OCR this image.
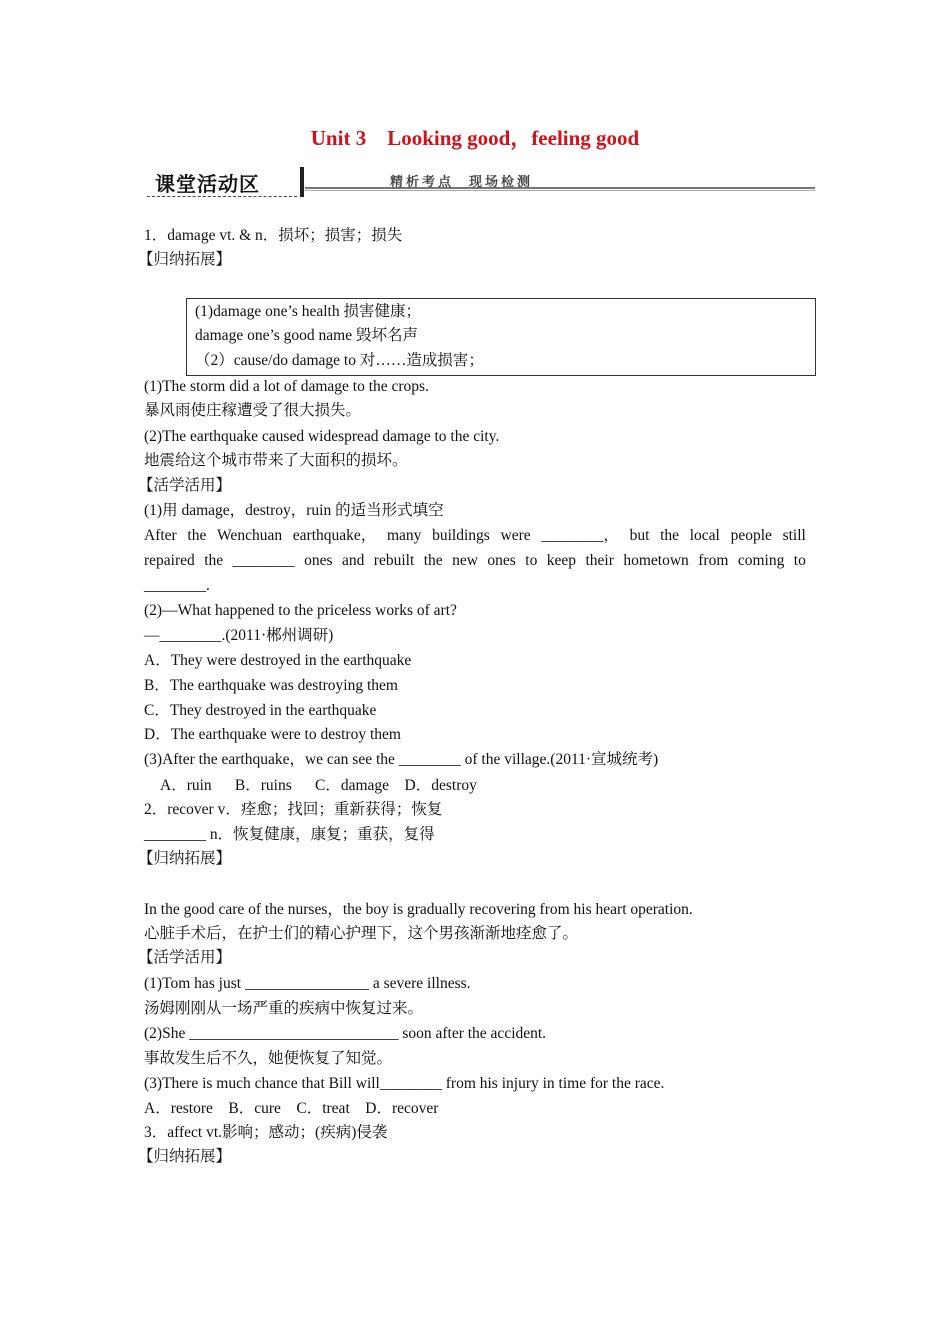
Unit 3    Looking good，feeling good
课堂活动区	精析考点  现场检测
1．damage vt. & n．损坏；损害；损失
【归纳拓展】
(1)damage one’s health 损害健康；
damage one’s good name 毁坏名声
（2）cause/do damage to 对……造成损害；
(1)The storm did a lot of damage to the crops.
暴风雨使庄稼遭受了很大损失。
(2)The earthquake caused widespread damage to the city.
地震给这个城市带来了大面积的损坏。
【活学活用】
(1)用 damage，destroy，ruin 的适当形式填空
After the Wenchuan earthquake， many buildings were ________， but the local people still
repaired the ________ ones and rebuilt the new ones to keep their hometown from coming to
________.
(2)—What happened to the priceless works of art?
—________.(2011·郴州调研)
A．They were destroyed in the earthquake
B．The earthquake was destroying them
C．They destroyed in the earthquake
D．The earthquake were to destroy them
(3)After the earthquake，we can see the ________ of the village.(2011·宣城统考)
A．ruin      B．ruins      C．damage    D．destroy
2．recover v．痊愈；找回；重新获得；恢复
________ n．恢复健康，康复；重获，复得
【归纳拓展】
In the good care of the nurses，the boy is gradually recovering from his heart operation.
心脏手术后，在护士们的精心护理下，这个男孩渐渐地痊愈了。
【活学活用】
(1)Tom has just ________________ a severe illness.
汤姆刚刚从一场严重的疾病中恢复过来。
(2)She ___________________________ soon after the accident.
事故发生后不久，她便恢复了知觉。
(3)There is much chance that Bill will________ from his injury in time for the race.
A．restore    B．cure    C．treat    D．recover
3．affect vt.影响；感动；(疾病)侵袭
【归纳拓展】
